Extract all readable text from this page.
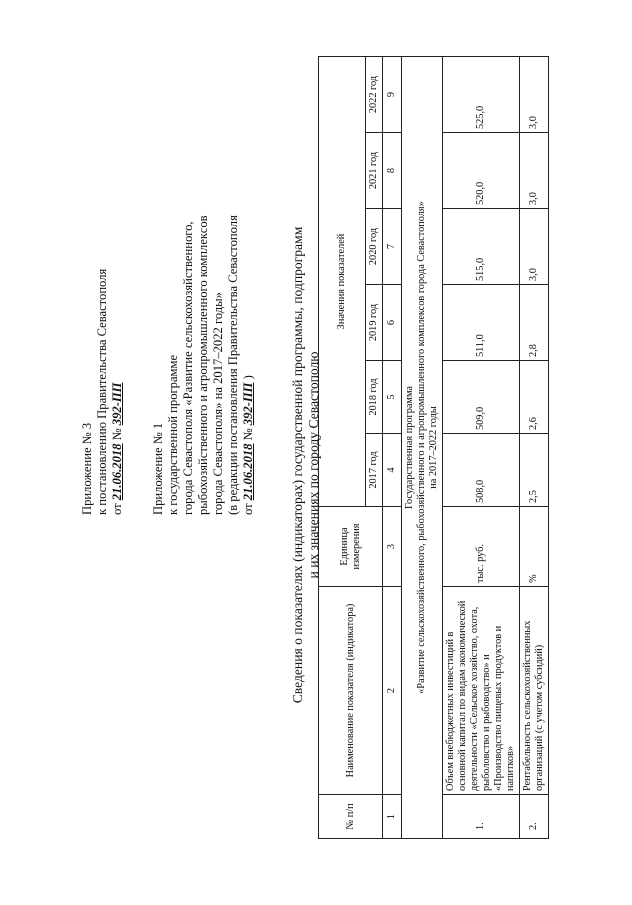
Приложение № 3 к постановлению Правительства Севастополя от 21.06.2018 № 392-ПП
Приложение № 1 к государственной программе города Севастополя «Развитие сельскохозяйственного, рыбохозяйственного и агропромышленного комплексов города Севастополя» на 2017–2022 годы» (в редакции постановления Правительства Севастополя от 21.06.2018 № 392-ПП )	Сведения о показателях (индикаторах) государственной программы, подпрограмм и их значениях по городу Севастополю
№ п/п	Наименование показателя (индикатора)	Единица измерения	Значения показателей					
			2017 год	2018 год	2019 год	2020 год	2021 год	2022 год
1	2	3	4	5	6	7	8	9

Государственная программа «Развитие сельскохозяйственного, рыбохозяйственного и агропромышленного комплексов города Севастополя» на 2017–2022 годы								

1.	Объем внебюджетных инвестиций в основной капитал по видам экономической деятельности «Сельское хозяйство, охота, рыболовство и рыбоводство» и «Производство пищевых продуктов и напитков»	тыс. руб.	508,0	509,0	511,0	515,0	520,0	525,0
2.	Рентабельность сельскохозяйственных организаций (с учетом субсидий)	%	2,5	2,6	2,8	3,0	3,0	3,0
